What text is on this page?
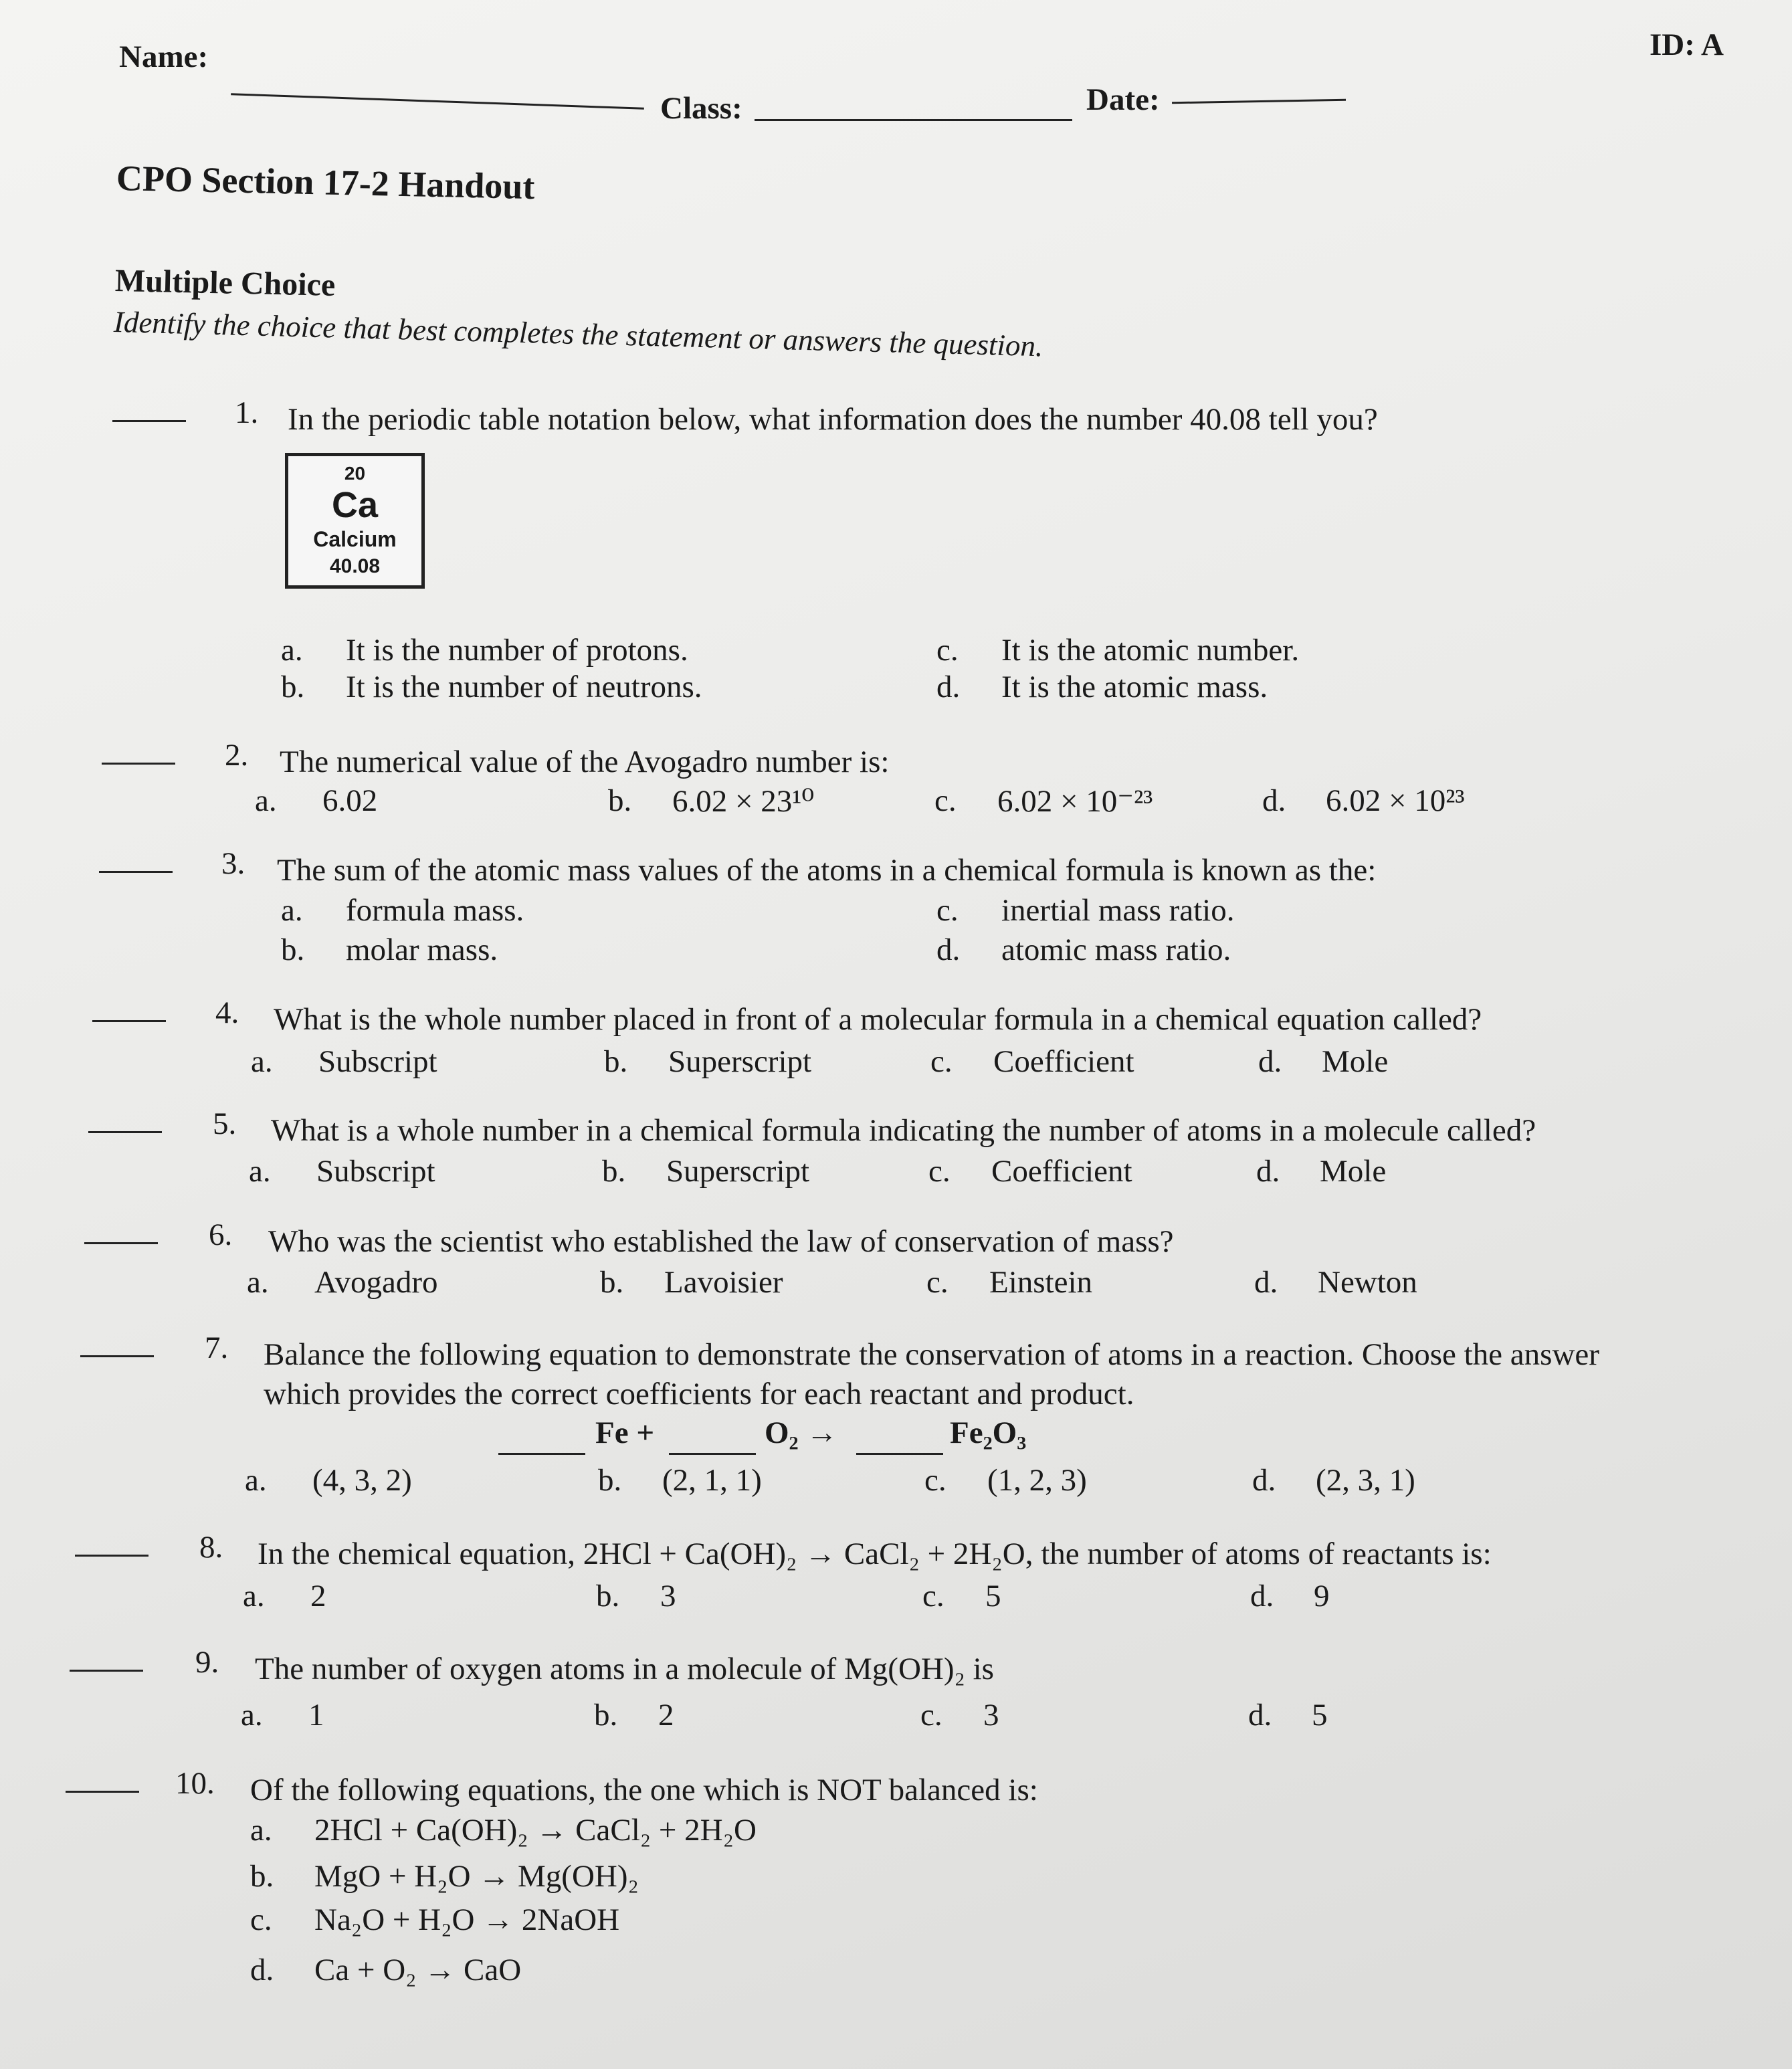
Name:
Class:	Date:
ID: A
CPO Section 17-2 Handout
Multiple Choice
Identify the choice that best completes the statement or answers the question.
20
Ca
Calcium
40.08
1. In the periodic table notation below, what information does the number 40.08 tell you?
a. It is the number of protons.
b. It is the number of neutrons.
c. It is the atomic number.
d. It is the atomic mass.
2. The numerical value of the Avogadro number is:
a. 6.02	b. 6.02 × 23¹⁰	c. 6.02 × 10⁻²³	d. 6.02 × 10²³
3. The sum of the atomic mass values of the atoms in a chemical formula is known as the:
a. formula mass.
b. molar mass.
c. inertial mass ratio.
d. atomic mass ratio.
4. What is the whole number placed in front of a molecular formula in a chemical equation called?
a. Subscript	b. Superscript	c. Coefficient	d. Mole
5. What is a whole number in a chemical formula indicating the number of atoms in a molecule called?
a. Subscript	b. Superscript	c. Coefficient	d. Mole
6. Who was the scientist who established the law of conservation of mass?
a. Avogadro	b. Lavoisier	c. Einstein	d. Newton
7. Balance the following equation to demonstrate the conservation of atoms in a reaction. Choose the answer
which provides the correct coefficients for each reactant and product.
a. (4, 3, 2)	b. (2, 1, 1)	c. (1, 2, 3)	d. (2, 3, 1)
8. In the chemical equation, 2HCl + Ca(OH)₂ → CaCl₂ + 2H₂O, the number of atoms of reactants is:
a. 2	b. 3	c. 5	d. 9
9. The number of oxygen atoms in a molecule of Mg(OH)₂ is
a. 1	b. 2	c. 3	d. 5
10. Of the following equations, the one which is NOT balanced is:
a. 2HCl + Ca(OH)₂ → CaCl₂ + 2H₂O
b. MgO + H₂O → Mg(OH)₂
c. Na₂O + H₂O → 2NaOH
d. Ca + O₂ → CaO
Fe +	O₂ →	Fe₂O₃
